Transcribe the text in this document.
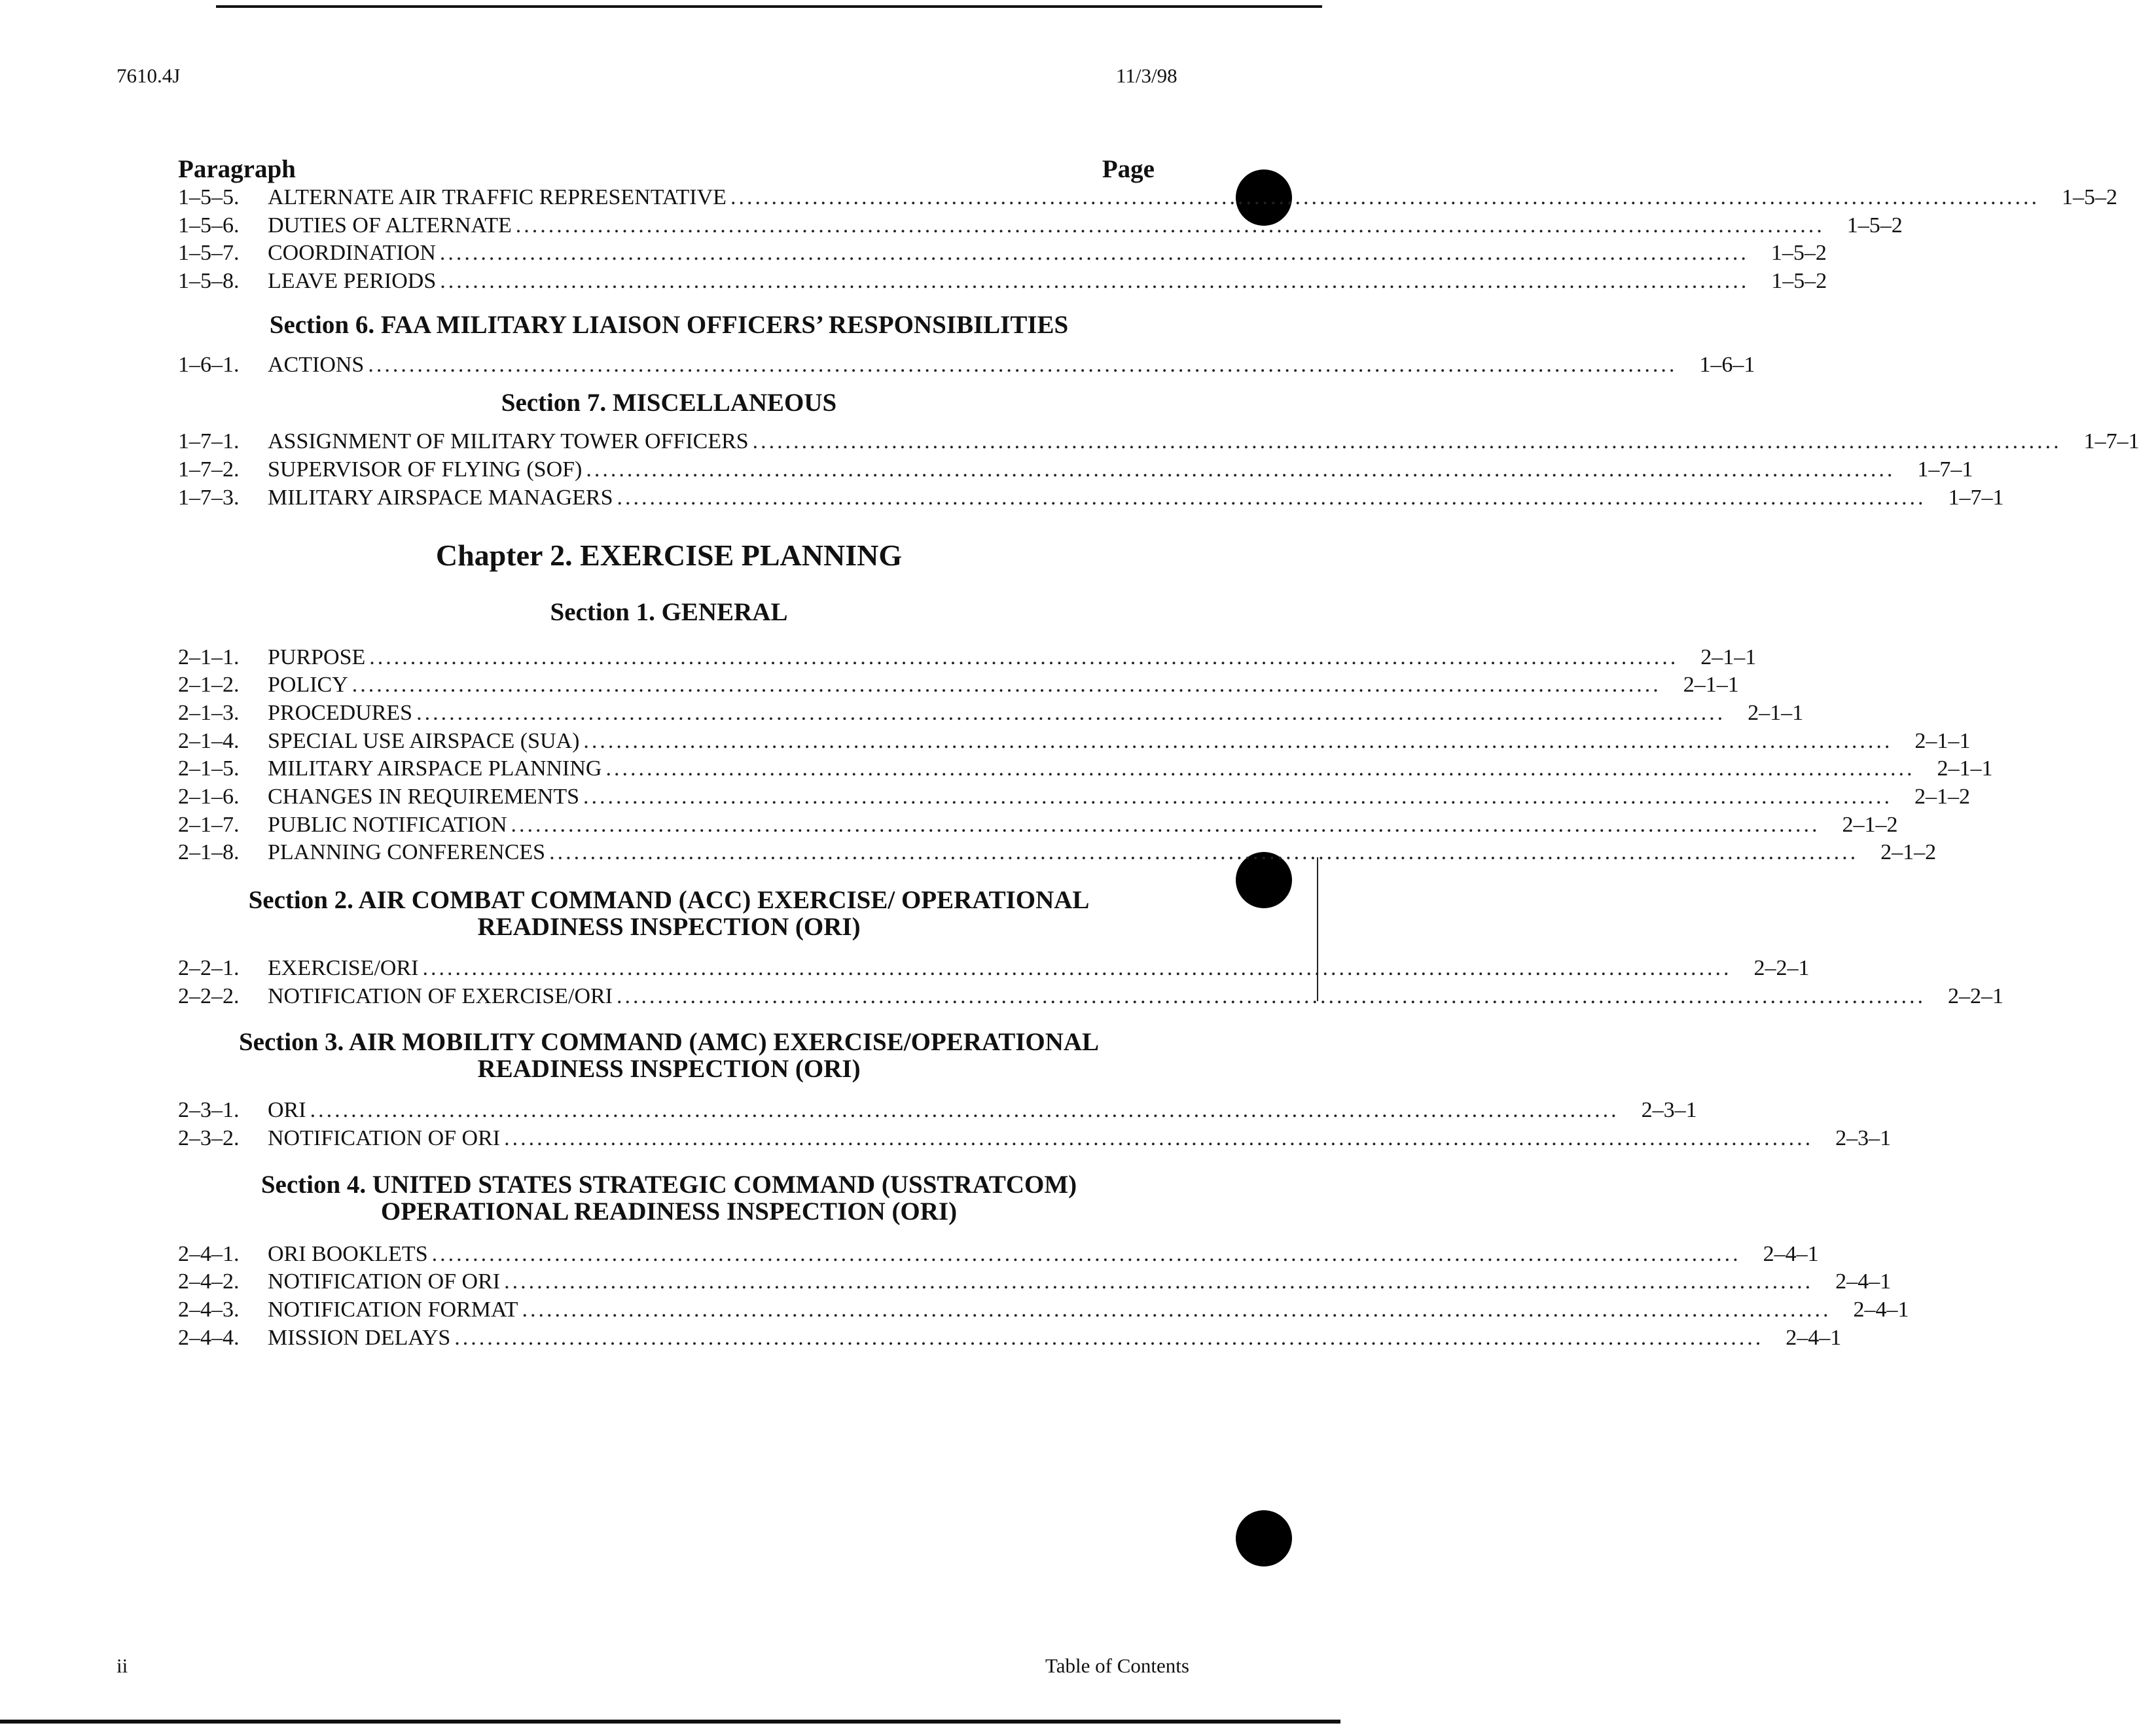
7610.4J	11/3/98
Paragraph	Page
1–5–5.	ALTERNATE AIR TRAFFIC REPRESENTATIVE ................................................................................................................................................................	1–5–2
1–5–6.	DUTIES OF ALTERNATE ................................................................................................................................................................	1–5–2
1–5–7.	COORDINATION ................................................................................................................................................................	1–5–2
1–5–8.	LEAVE PERIODS ................................................................................................................................................................	1–5–2
Section 6. FAA MILITARY LIAISON OFFICERS’ RESPONSIBILITIES
1–6–1.	ACTIONS ................................................................................................................................................................	1–6–1
Section 7. MISCELLANEOUS
1–7–1.	ASSIGNMENT OF MILITARY TOWER OFFICERS ................................................................................................................................................................	1–7–1
1–7–2.	SUPERVISOR OF FLYING (SOF) ................................................................................................................................................................	1–7–1
1–7–3.	MILITARY AIRSPACE MANAGERS ................................................................................................................................................................	1–7–1
Chapter 2. EXERCISE PLANNING
Section 1. GENERAL
2–1–1.	PURPOSE ................................................................................................................................................................	2–1–1
2–1–2.	POLICY ................................................................................................................................................................	2–1–1
2–1–3.	PROCEDURES ................................................................................................................................................................	2–1–1
2–1–4.	SPECIAL USE AIRSPACE (SUA) ................................................................................................................................................................	2–1–1
2–1–5.	MILITARY AIRSPACE PLANNING ................................................................................................................................................................	2–1–1
2–1–6.	CHANGES IN REQUIREMENTS ................................................................................................................................................................	2–1–2
2–1–7.	PUBLIC NOTIFICATION ................................................................................................................................................................	2–1–2
2–1–8.	PLANNING CONFERENCES ................................................................................................................................................................	2–1–2
Section 2. AIR COMBAT COMMAND (ACC) EXERCISE/ OPERATIONAL
READINESS INSPECTION (ORI)
2–2–1.	EXERCISE/ORI ................................................................................................................................................................	2–2–1
2–2–2.	NOTIFICATION OF EXERCISE/ORI ................................................................................................................................................................	2–2–1
Section 3. AIR MOBILITY COMMAND (AMC) EXERCISE/OPERATIONAL
READINESS INSPECTION (ORI)
2–3–1.	ORI ................................................................................................................................................................	2–3–1
2–3–2.	NOTIFICATION OF ORI ................................................................................................................................................................	2–3–1
Section 4. UNITED STATES STRATEGIC COMMAND (USSTRATCOM)
OPERATIONAL READINESS INSPECTION (ORI)
2–4–1.	ORI BOOKLETS ................................................................................................................................................................	2–4–1
2–4–2.	NOTIFICATION OF ORI ................................................................................................................................................................	2–4–1
2–4–3.	NOTIFICATION FORMAT ................................................................................................................................................................	2–4–1
2–4–4.	MISSION DELAYS ................................................................................................................................................................	2–4–1
ii	Table of Contents
